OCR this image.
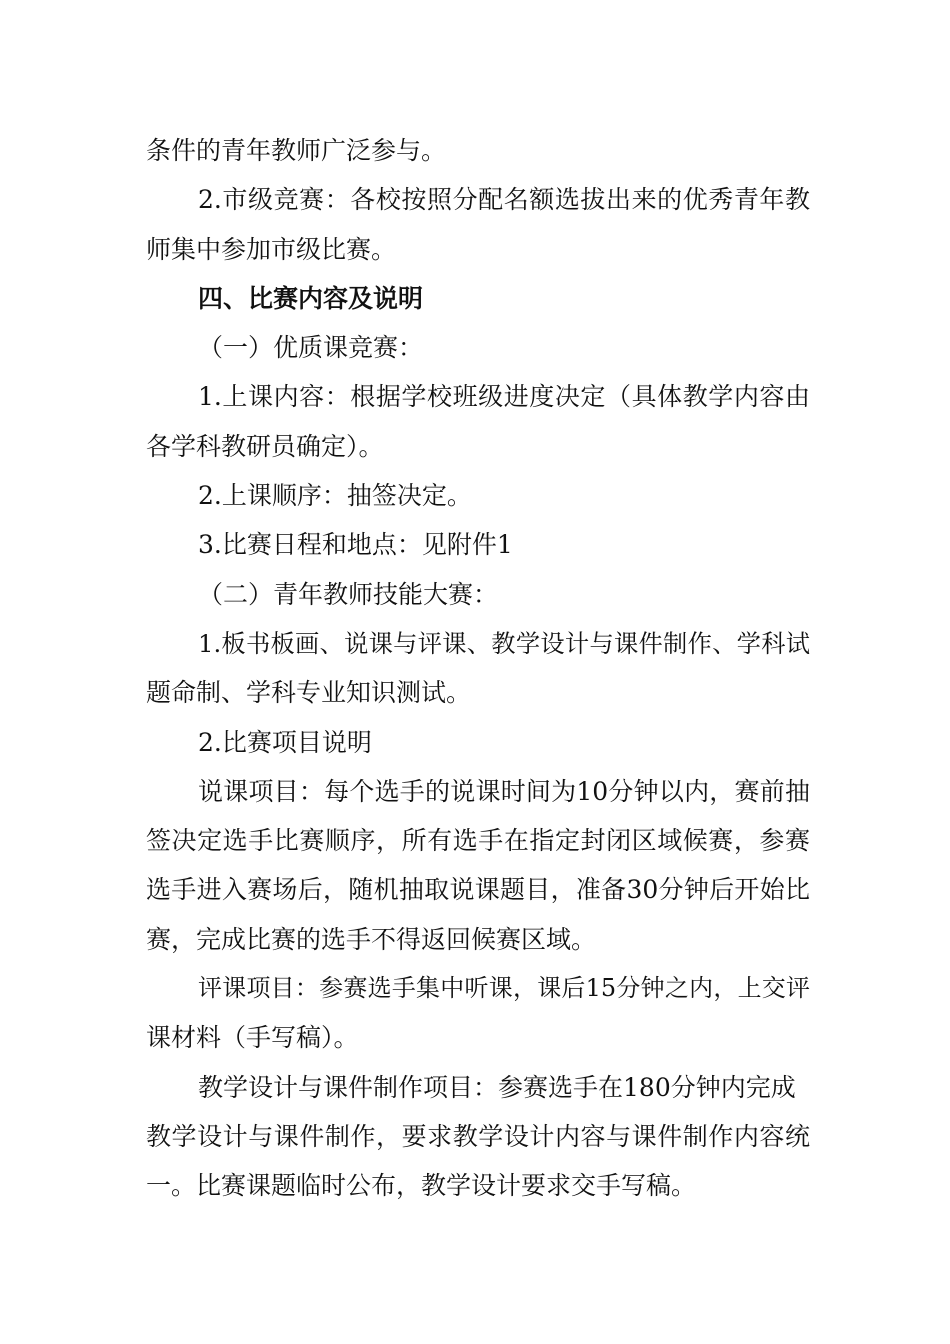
条件的青年教师广泛参与。
2.市级竞赛：各校按照分配名额选拔出来的优秀青年教
师集中参加市级比赛。
四、比赛内容及说明
（一）优质课竞赛：
1.上课内容：根据学校班级进度决定（具体教学内容由
各学科教研员确定）。
2.上课顺序：抽签决定。
3.比赛日程和地点：见附件1
（二）青年教师技能大赛：
1.板书板画、说课与评课、教学设计与课件制作、学科试
题命制、学科专业知识测试。
2.比赛项目说明
说课项目：每个选手的说课时间为10分钟以内，赛前抽
签决定选手比赛顺序，所有选手在指定封闭区域候赛，参赛
选手进入赛场后，随机抽取说课题目，准备30分钟后开始比
赛，完成比赛的选手不得返回候赛区域。
评课项目：参赛选手集中听课，课后15分钟之内，上交评
课材料（手写稿）。
教学设计与课件制作项目：参赛选手在180分钟内完成
教学设计与课件制作，要求教学设计内容与课件制作内容统
一。比赛课题临时公布，教学设计要求交手写稿。
